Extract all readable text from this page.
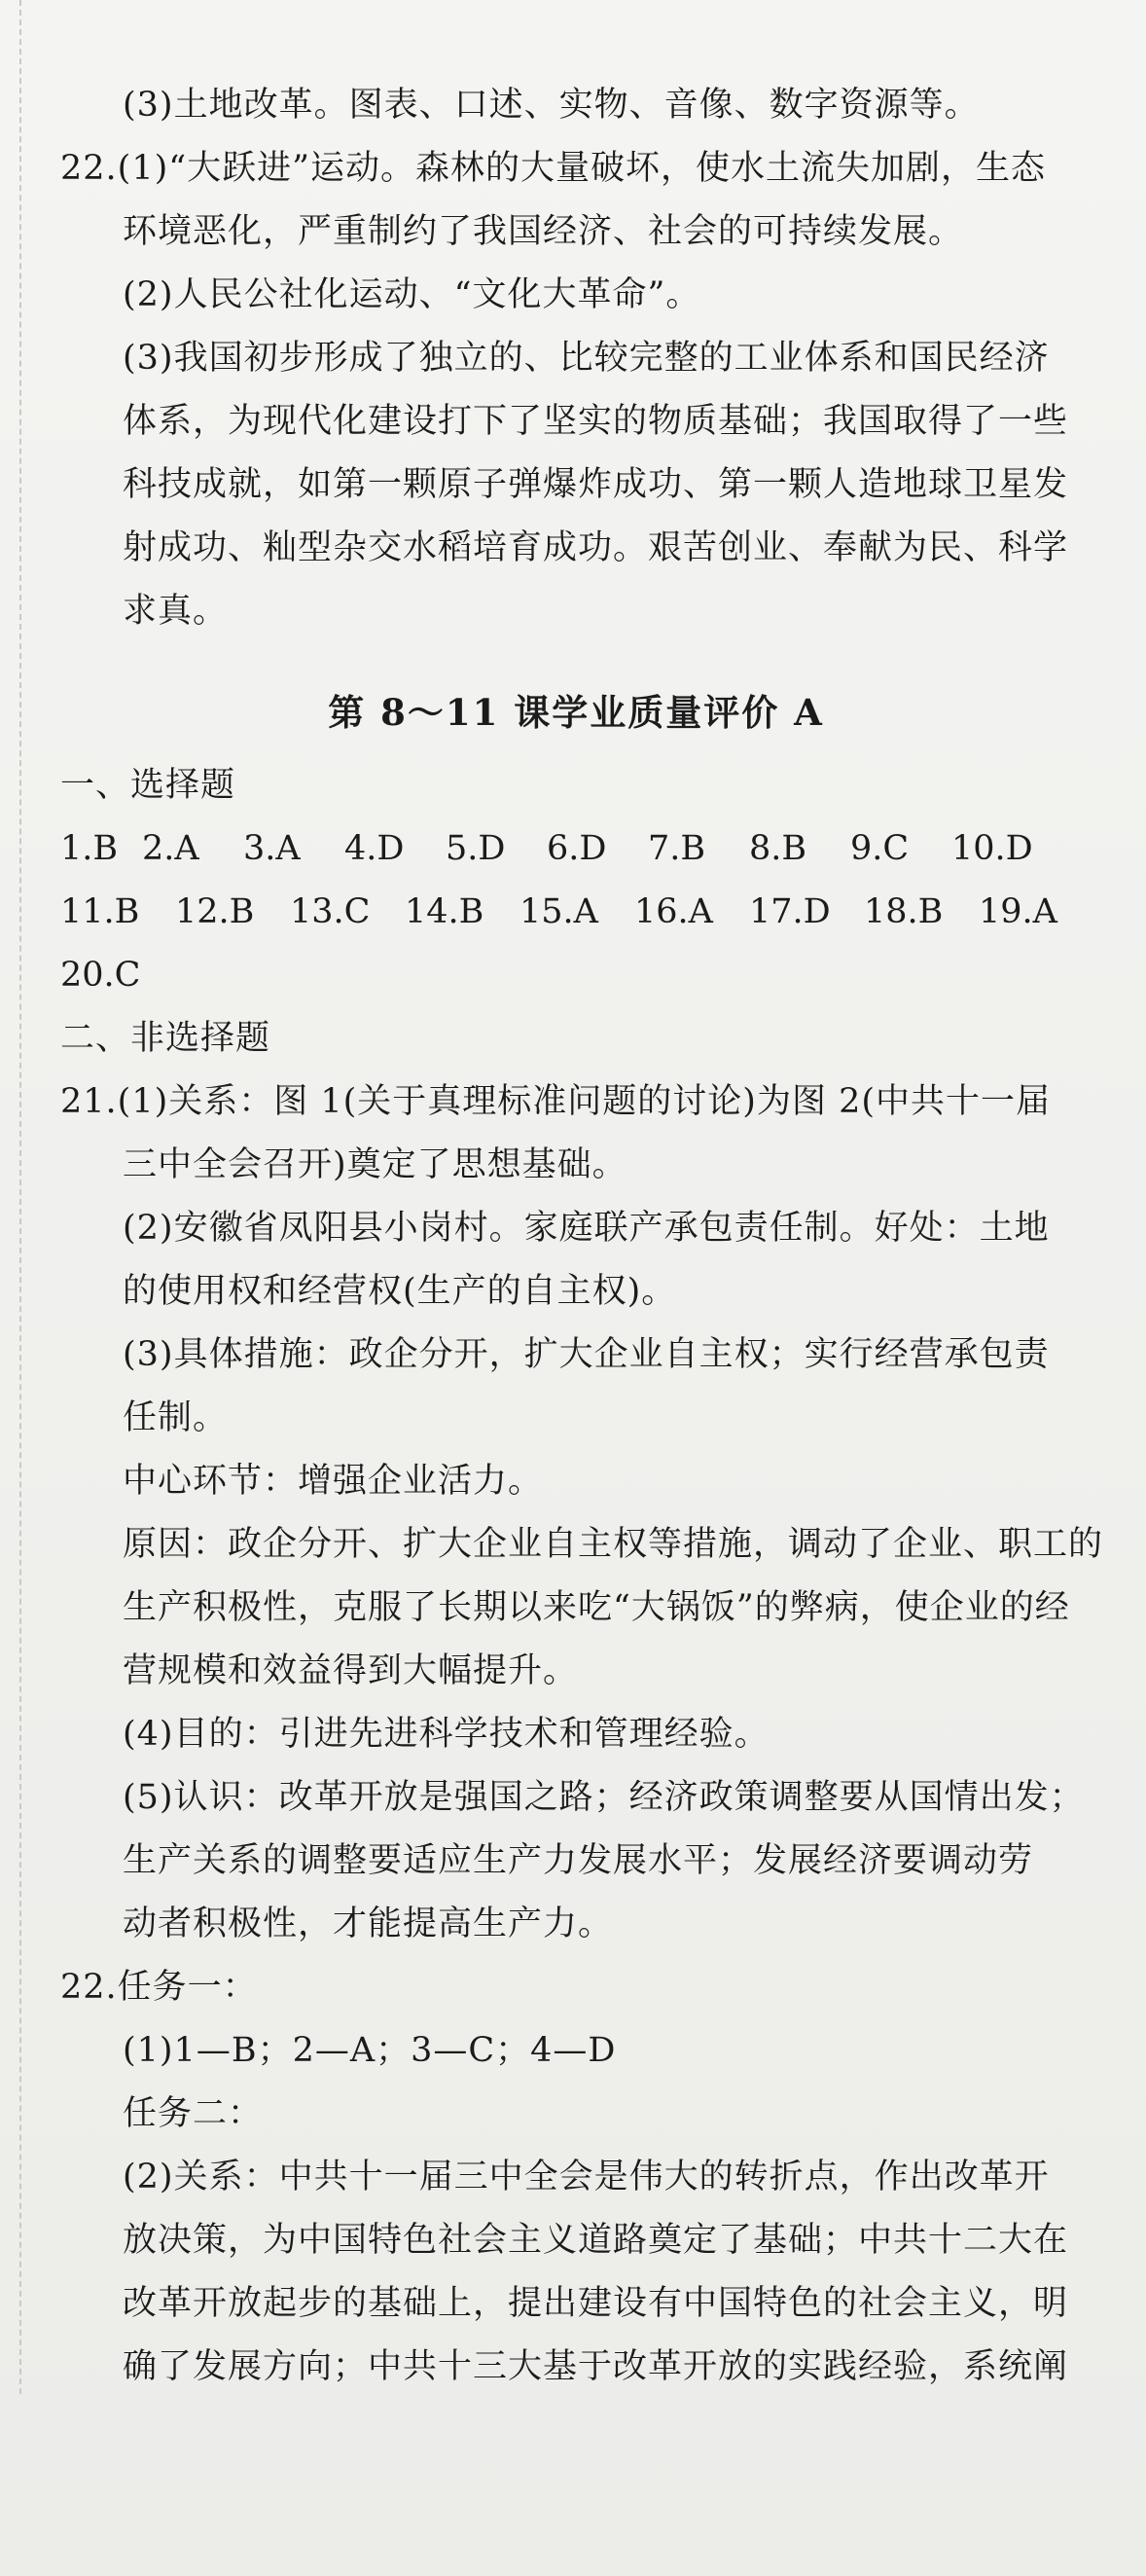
(3)土地改革。图表、口述、实物、音像、数字资源等。
22.(1)“大跃进”运动。森林的大量破坏，使水土流失加剧，生态
环境恶化，严重制约了我国经济、社会的可持续发展。
(2)人民公社化运动、“文化大革命”。
(3)我国初步形成了独立的、比较完整的工业体系和国民经济
体系，为现代化建设打下了坚实的物质基础；我国取得了一些
科技成就，如第一颗原子弹爆炸成功、第一颗人造地球卫星发
射成功、籼型杂交水稻培育成功。艰苦创业、奉献为民、科学
求真。
第 8～11 课学业质量评价 A
一、选择题
1.B 2.A	3.A	4.D	5.D	6.D	7.B	8.B	9.C	10.D
11.B	12.B	13.C	14.B	15.A	16.A	17.D 18.B	19.A
20.C
二、非选择题
21.(1)关系：图 1(关于真理标准问题的讨论)为图 2(中共十一届
三中全会召开)奠定了思想基础。
(2)安徽省凤阳县小岗村。家庭联产承包责任制。好处：土地
的使用权和经营权(生产的自主权)。
(3)具体措施：政企分开，扩大企业自主权；实行经营承包责
任制。
中心环节：增强企业活力。
原因：政企分开、扩大企业自主权等措施，调动了企业、职工的
生产积极性，克服了长期以来吃“大锅饭”的弊病，使企业的经
营规模和效益得到大幅提升。
(4)目的：引进先进科学技术和管理经验。
(5)认识：改革开放是强国之路；经济政策调整要从国情出发；
生产关系的调整要适应生产力发展水平；发展经济要调动劳
动者积极性，才能提高生产力。
22.任务一：
(1)1—B；2—A；3—C；4—D
任务二：
(2)关系：中共十一届三中全会是伟大的转折点，作出改革开
放决策，为中国特色社会主义道路奠定了基础；中共十二大在
改革开放起步的基础上，提出建设有中国特色的社会主义，明
确了发展方向；中共十三大基于改革开放的实践经验，系统阐
